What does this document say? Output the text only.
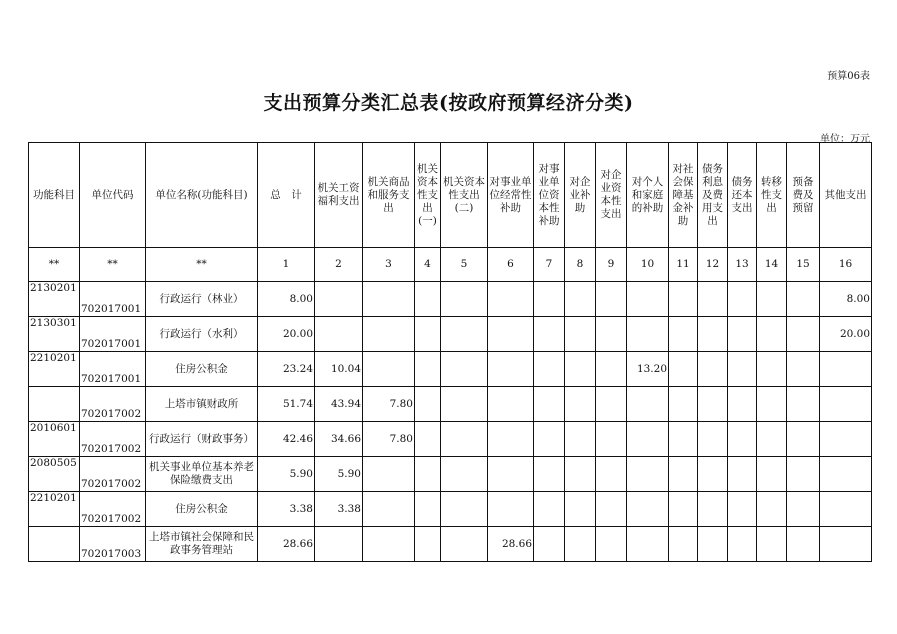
预算06表
支出预算分类汇总表(按政府预算经济分类)
单位：万元
功能科目	单位代码	单位名称(功能科目)	总　计	机关工资福利支出	机关商品和服务支出	机关资本性支出(一)	机关资本性支出(二)	对事业单位经常性补助	对事业单位资本性补助	对企业补助	对企业资本性支出	对个人和家庭的补助	对社会保障基金补助	债务利息及费用支出	债务还本支出	转移性支出	预备费及预留	其他支出
**	**	**	1	2	3	4	5	6	7	8	9	10	11	12	13	14	15	16
2130201	702017001	行政运行（林业）	8.00															8.00
2130301	702017001	行政运行（水利）	20.00															20.00
2210201	702017001	住房公积金	23.24	10.04								13.20						
	702017002	上塔市镇财政所	51.74	43.94	7.80													
2010601	702017002	行政运行（财政事务）	42.46	34.66	7.80													
2080505	702017002	机关事业单位基本养老保险缴费支出	5.90	5.90														
2210201	702017002	住房公积金	3.38	3.38														
	702017003	上塔市镇社会保障和民政事务管理站	28.66					28.66										
